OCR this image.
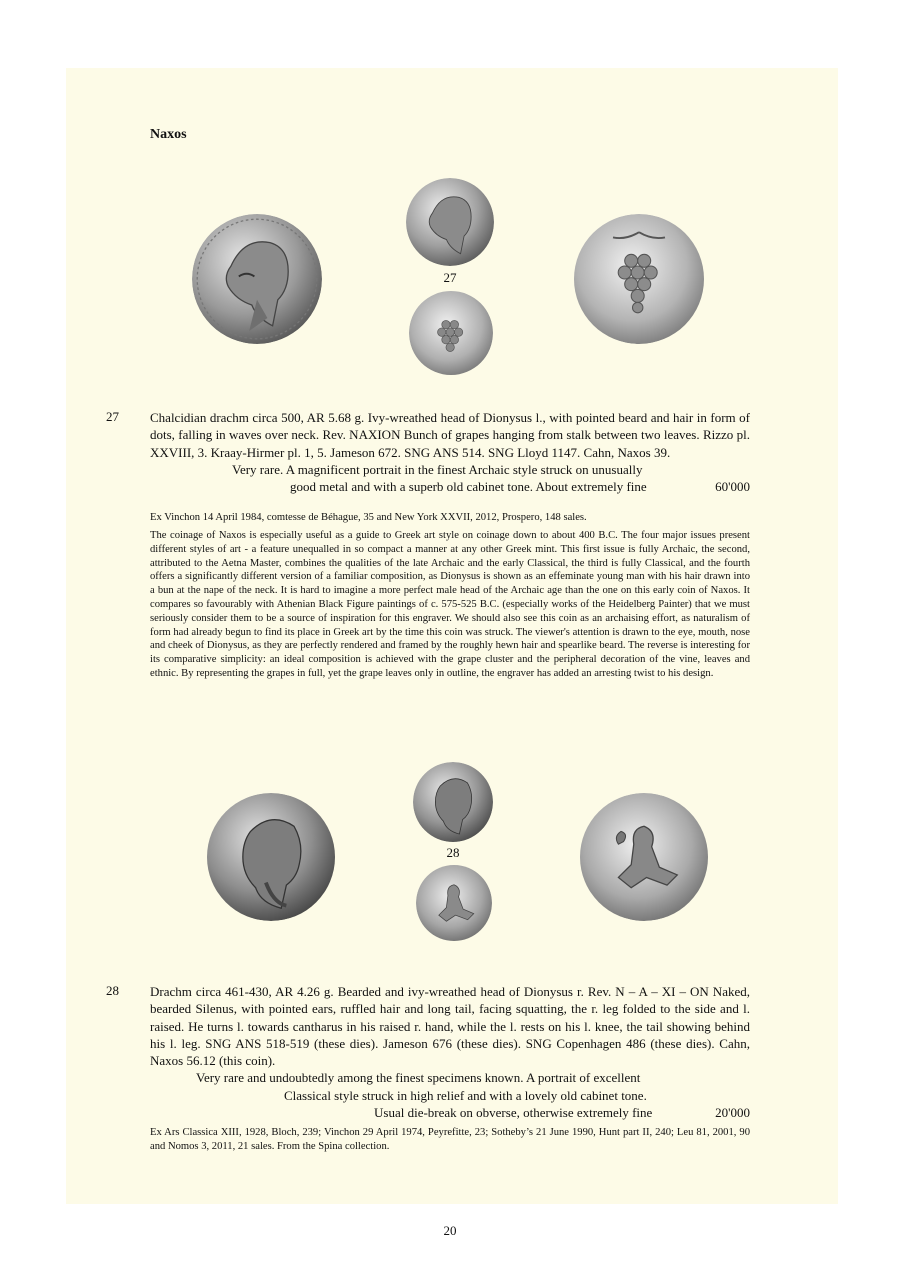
Naxos
27
27 Chalcidian drachm circa 500, AR 5.68 g. Ivy-wreathed head of Dionysus l., with pointed beard and hair in form of dots, falling in waves over neck. Rev. NAXION Bunch of grapes hanging from stalk between two leaves. Rizzo pl. XXVIII, 3. Kraay-Hirmer pl. 1, 5. Jameson 672. SNG ANS 514. SNG Lloyd 1147. Cahn, Naxos 39.

Very rare. A magnificent portrait in the finest Archaic style struck on unusually
good metal and with a superb old cabinet tone. About extremely fine	60'000

Ex Vinchon 14 April 1984, comtesse de Béhague, 35 and New York XXVII, 2012, Prospero, 148 sales.

The coinage of Naxos is especially useful as a guide to Greek art style on coinage down to about 400 B.C. The four major issues present different styles of art - a feature unequalled in so compact a manner at any other Greek mint. This first issue is fully Archaic, the second, attributed to the Aetna Master, combines the qualities of the late Archaic and the early Classical, the third is fully Classical, and the fourth offers a significantly different version of a familiar composition, as Dionysus is shown as an effeminate young man with his hair drawn into a bun at the nape of the neck. It is hard to imagine a more perfect male head of the Archaic age than the one on this early coin of Naxos. It compares so favourably with Athenian Black Figure paintings of c. 575-525 B.C. (especially works of the Heidelberg Painter) that we must seriously consider them to be a source of inspiration for this engraver. We should also see this coin as an archaising effort, as naturalism of form had already begun to find its place in Greek art by the time this coin was struck. The viewer's attention is drawn to the eye, mouth, nose and cheek of Dionysus, as they are perfectly rendered and framed by the roughly hewn hair and spearlike beard. The reverse is interesting for its comparative simplicity: an ideal composition is achieved with the grape cluster and the peripheral decoration of the vine, leaves and ethnic. By representing the grapes in full, yet the grape leaves only in outline, the engraver has added an arresting twist to his design.

28
28 Drachm circa 461-430, AR 4.26 g. Bearded and ivy-wreathed head of Dionysus r. Rev. N – A – XI – ON Naked, bearded Silenus, with pointed ears, ruffled hair and long tail, facing squatting, the r. leg folded to the side and l. raised. He turns l. towards cantharus in his raised r. hand, while the l. rests on his l. knee, the tail showing behind his l. leg. SNG ANS 518-519 (these dies). Jameson 676 (these dies). SNG Copenhagen 486 (these dies). Cahn, Naxos 56.12 (this coin).

Very rare and undoubtedly among the finest specimens known. A portrait of excellent
Classical style struck in high relief and with a lovely old cabinet tone.
Usual die-break on obverse, otherwise extremely fine	20'000

Ex Ars Classica XIII, 1928, Bloch, 239; Vinchon 29 April 1974, Peyrefitte, 23; Sotheby’s 21 June 1990, Hunt part II, 240; Leu 81, 2001, 90 and Nomos 3, 2011, 21 sales. From the Spina collection.

20
